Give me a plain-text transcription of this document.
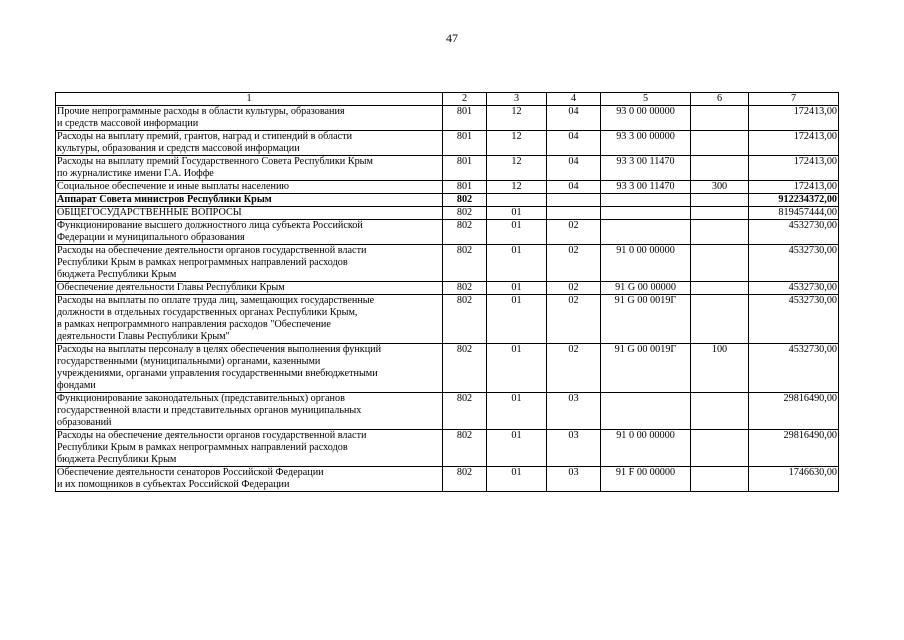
47
1	2	3	4	5	6	7
Прочие непрограммные расходы в области культуры, образования
и средств массовой информации	801	12	04	93 0 00 00000		172413,00
Расходы на выплату премий, грантов, наград и стипендий в области
культуры, образования и средств массовой информации	801	12	04	93 3 00 00000		172413,00
Расходы на выплату премий Государственного Совета Республики Крым
по журналистике имени Г.А. Иоффе	801	12	04	93 3 00 11470		172413,00
Социальное обеспечение и иные выплаты населению	801	12	04	93 3 00 11470	300	172413,00
Аппарат Совета министров Республики Крым	802					912234372,00
ОБЩЕГОСУДАРСТВЕННЫЕ ВОПРОСЫ	802	01				819457444,00
Функционирование высшего должностного лица субъекта Российской
Федерации и муниципального образования	802	01	02			4532730,00
Расходы на обеспечение деятельности органов государственной власти
Республики Крым в рамках непрограммных направлений расходов
бюджета Республики Крым	802	01	02	91 0 00 00000		4532730,00
Обеспечение деятельности Главы Республики Крым	802	01	02	91 G 00 00000		4532730,00
Расходы на выплаты по оплате труда лиц, замещающих государственные
должности в отдельных государственных органах Республики Крым,
в рамках непрограммного направления расходов "Обеспечение
деятельности Главы Республики Крым"	802	01	02	91 G 00 0019Г		4532730,00
Расходы на выплаты персоналу в целях обеспечения выполнения функций
государственными (муниципальными) органами, казенными
учреждениями, органами управления государственными внебюджетными
фондами	802	01	02	91 G 00 0019Г	100	4532730,00
Функционирование законодательных (представительных) органов
государственной власти и представительных органов муниципальных
образований	802	01	03			29816490,00
Расходы на обеспечение деятельности органов государственной власти
Республики Крым в рамках непрограммных направлений расходов
бюджета Республики Крым	802	01	03	91 0 00 00000		29816490,00
Обеспечение деятельности сенаторов Российской Федерации
и их помощников в субъектах Российской Федерации	802	01	03	91 F 00 00000		1746630,00
